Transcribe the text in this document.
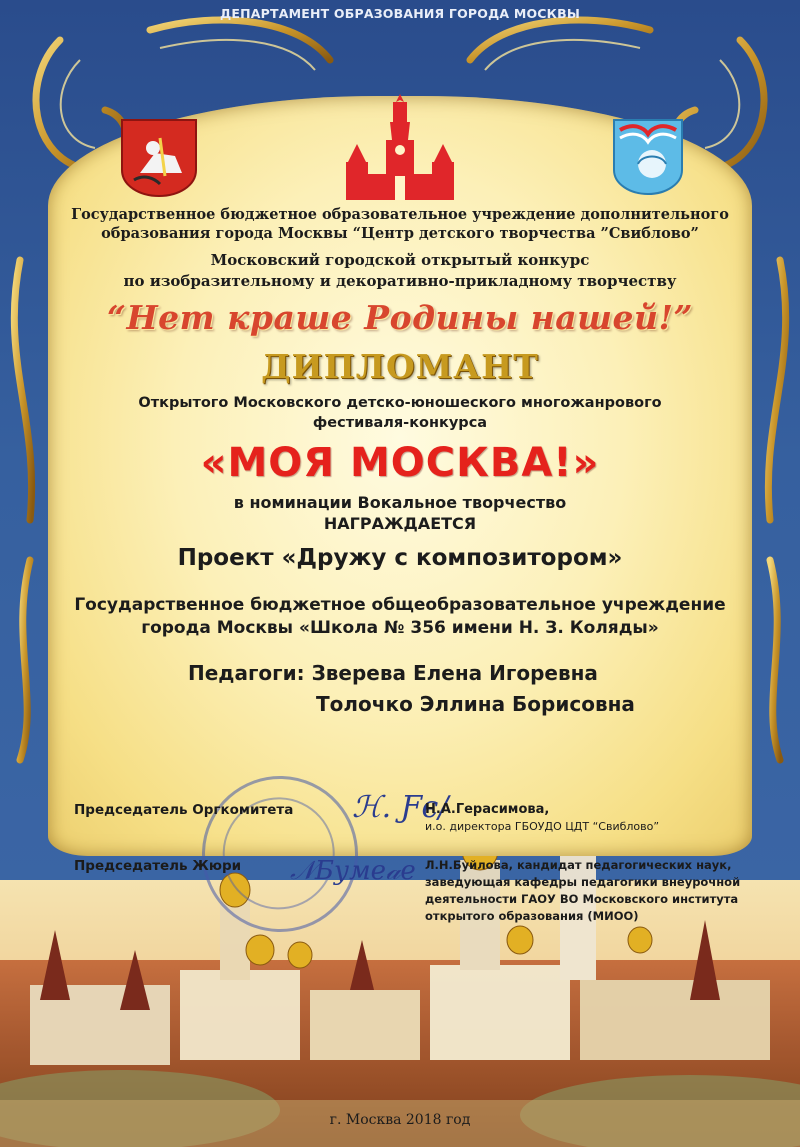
ДЕПАРТАМЕНТ ОБРАЗОВАНИЯ ГОРОДА МОСКВЫ
Государственное бюджетное образовательное учреждение дополнительного
образования города Москвы “Центр детского творчества ”Свиблово”
Московский городской открытый конкурс
по изобразительному и декоративно-прикладному творчеству
“Нет краше Родины нашей!”
ДИПЛОМАНТ
Открытого Московского детско-юношеского многожанрового
фестиваля-конкурса
«МОЯ МОСКВА!»
в номинации Вокальное творчество
НАГРАЖДАЕТСЯ
Проект «Дружу с композитором»
Государственное бюджетное общеобразовательное учреждение
города Москвы «Школа № 356 имени Н. З. Коляды»
Педагоги: Зверева Елена Игоревна
Толочко Эллина Борисовна
Председатель Оргкомитета ℋ. Ƒє/
Н.А.Герасимова,
и.о. директора ГБОУДО ЦДТ “Свиблово”
Председатель Жюри 𝒩Бум𝑒𝒶𝑒 Л.Н.Буйлова, кандидат педагогических наук,
заведующая кафедры педагогики внеурочной
деятельности ГАОУ ВО Московского института
открытого образования (МИОО)
г. Москва 2018 год
